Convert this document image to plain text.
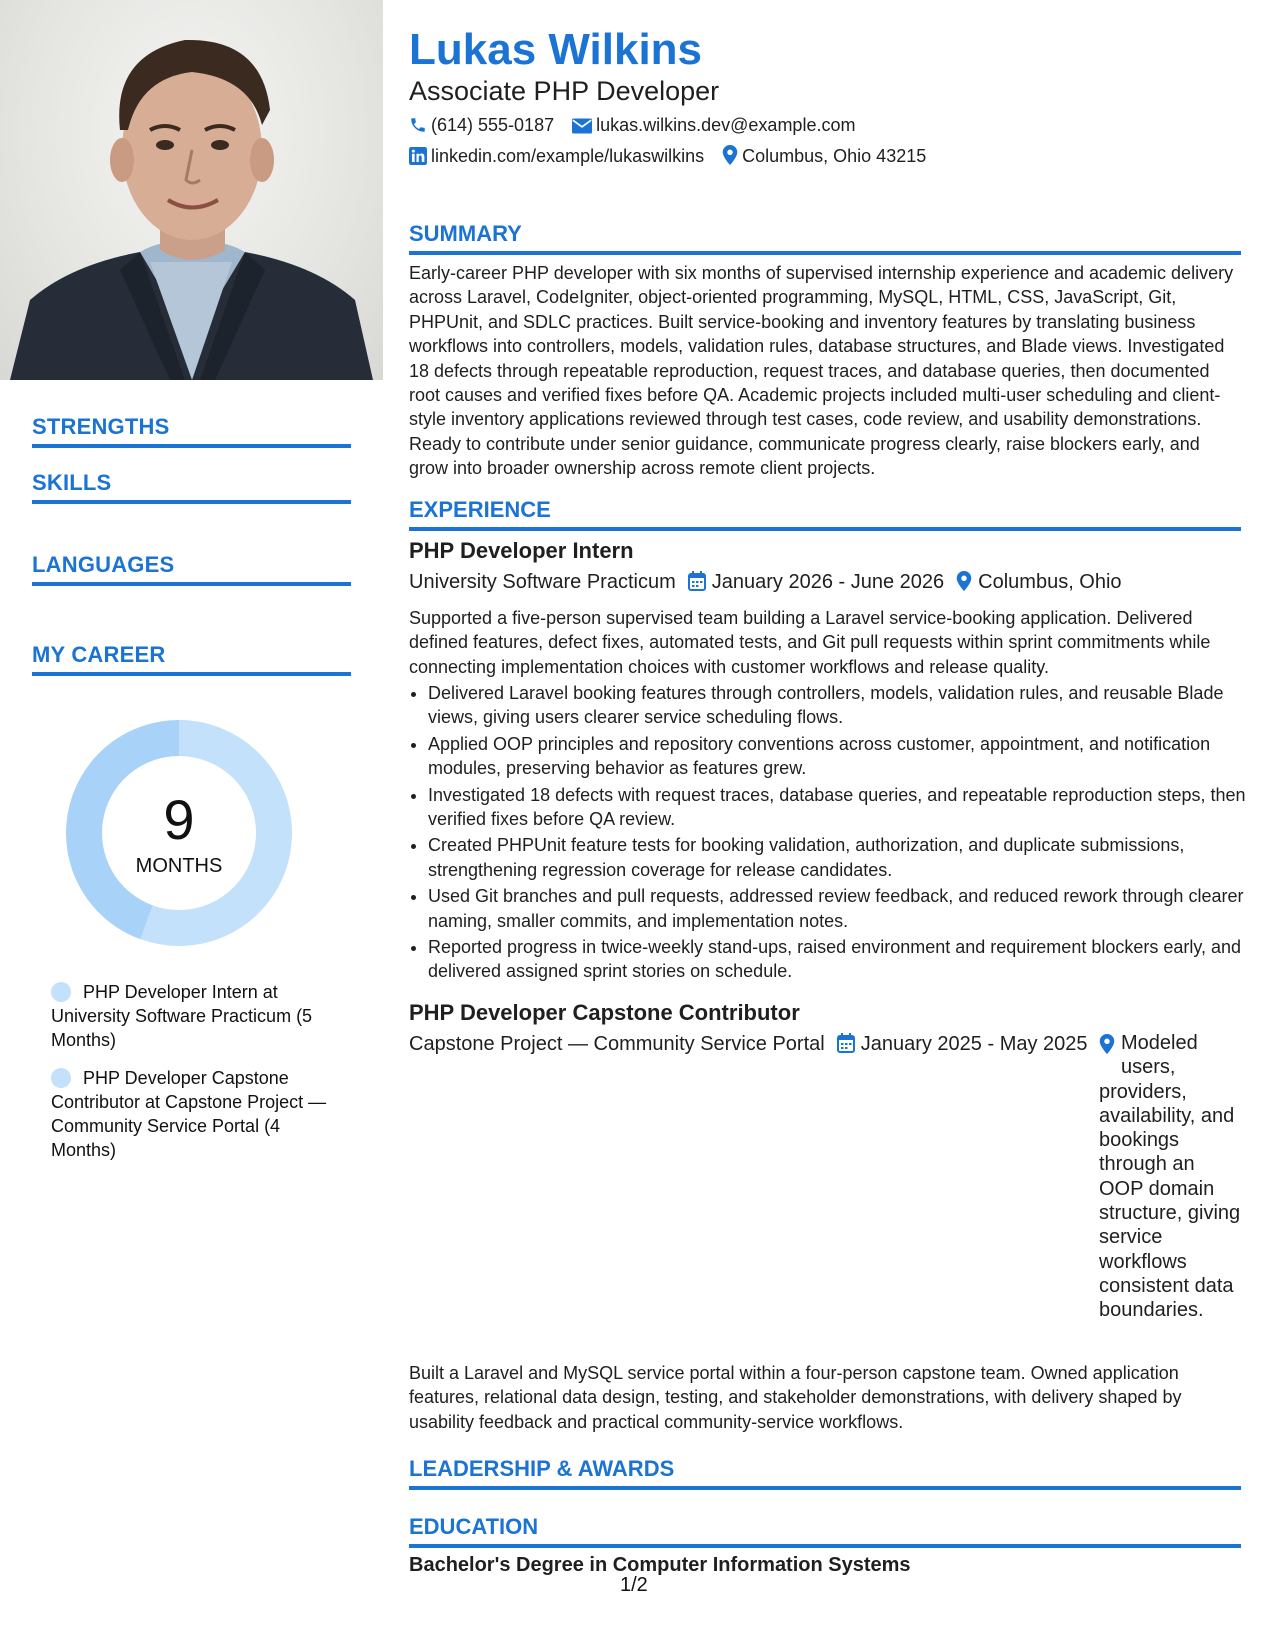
STRENGTHS
SKILLS
LANGUAGES
MY CAREER
9
MONTHS
PHP Developer Intern at University Software Practicum (5 Months)
PHP Developer Capstone Contributor at Capstone Project — Community Service Portal (4 Months)
Lukas Wilkins
Associate PHP Developer
(614) 555-0187 lukas.wilkins.dev@example.com
linkedin.com/example/lukaswilkins Columbus, Ohio 43215
SUMMARY
Early-career PHP developer with six months of supervised internship experience and academic delivery across Laravel, CodeIgniter, object-oriented programming, MySQL, HTML, CSS, JavaScript, Git, PHPUnit, and SDLC practices. Built service-booking and inventory features by translating business workflows into controllers, models, validation rules, database structures, and Blade views. Investigated 18 defects through repeatable reproduction, request traces, and database queries, then documented root causes and verified fixes before QA. Academic projects included multi-user scheduling and client-style inventory applications reviewed through test cases, code review, and usability demonstrations. Ready to contribute under senior guidance, communicate progress clearly, raise blockers early, and grow into broader ownership across remote client projects.
EXPERIENCE
PHP Developer Intern
University Software Practicum January 2026 - June 2026 Columbus, Ohio
Supported a five-person supervised team building a Laravel service-booking application. Delivered defined features, defect fixes, automated tests, and Git pull requests within sprint commitments while connecting implementation choices with customer workflows and release quality.
• Delivered Laravel booking features through controllers, models, validation rules, and reusable Blade views, giving users clearer service scheduling flows.
• Applied OOP principles and repository conventions across customer, appointment, and notification modules, preserving behavior as features grew.
• Investigated 18 defects with request traces, database queries, and repeatable reproduction steps, then verified fixes before QA review.
• Created PHPUnit feature tests for booking validation, authorization, and duplicate submissions, strengthening regression coverage for release candidates.
• Used Git branches and pull requests, addressed review feedback, and reduced rework through clearer naming, smaller commits, and implementation notes.
• Reported progress in twice-weekly stand-ups, raised environment and requirement blockers early, and delivered assigned sprint stories on schedule.
PHP Developer Capstone Contributor
Capstone Project — Community Service Portal January 2025 - May 2025	Modeled users, providers, availability, and bookings through an OOP domain structure, giving service workflows consistent data boundaries.
Built a Laravel and MySQL service portal within a four-person capstone team. Owned application features, relational data design, testing, and stakeholder demonstrations, with delivery shaped by usability feedback and practical community-service workflows.
LEADERSHIP & AWARDS
EDUCATION
Bachelor's Degree in Computer Information Systems
1/2
